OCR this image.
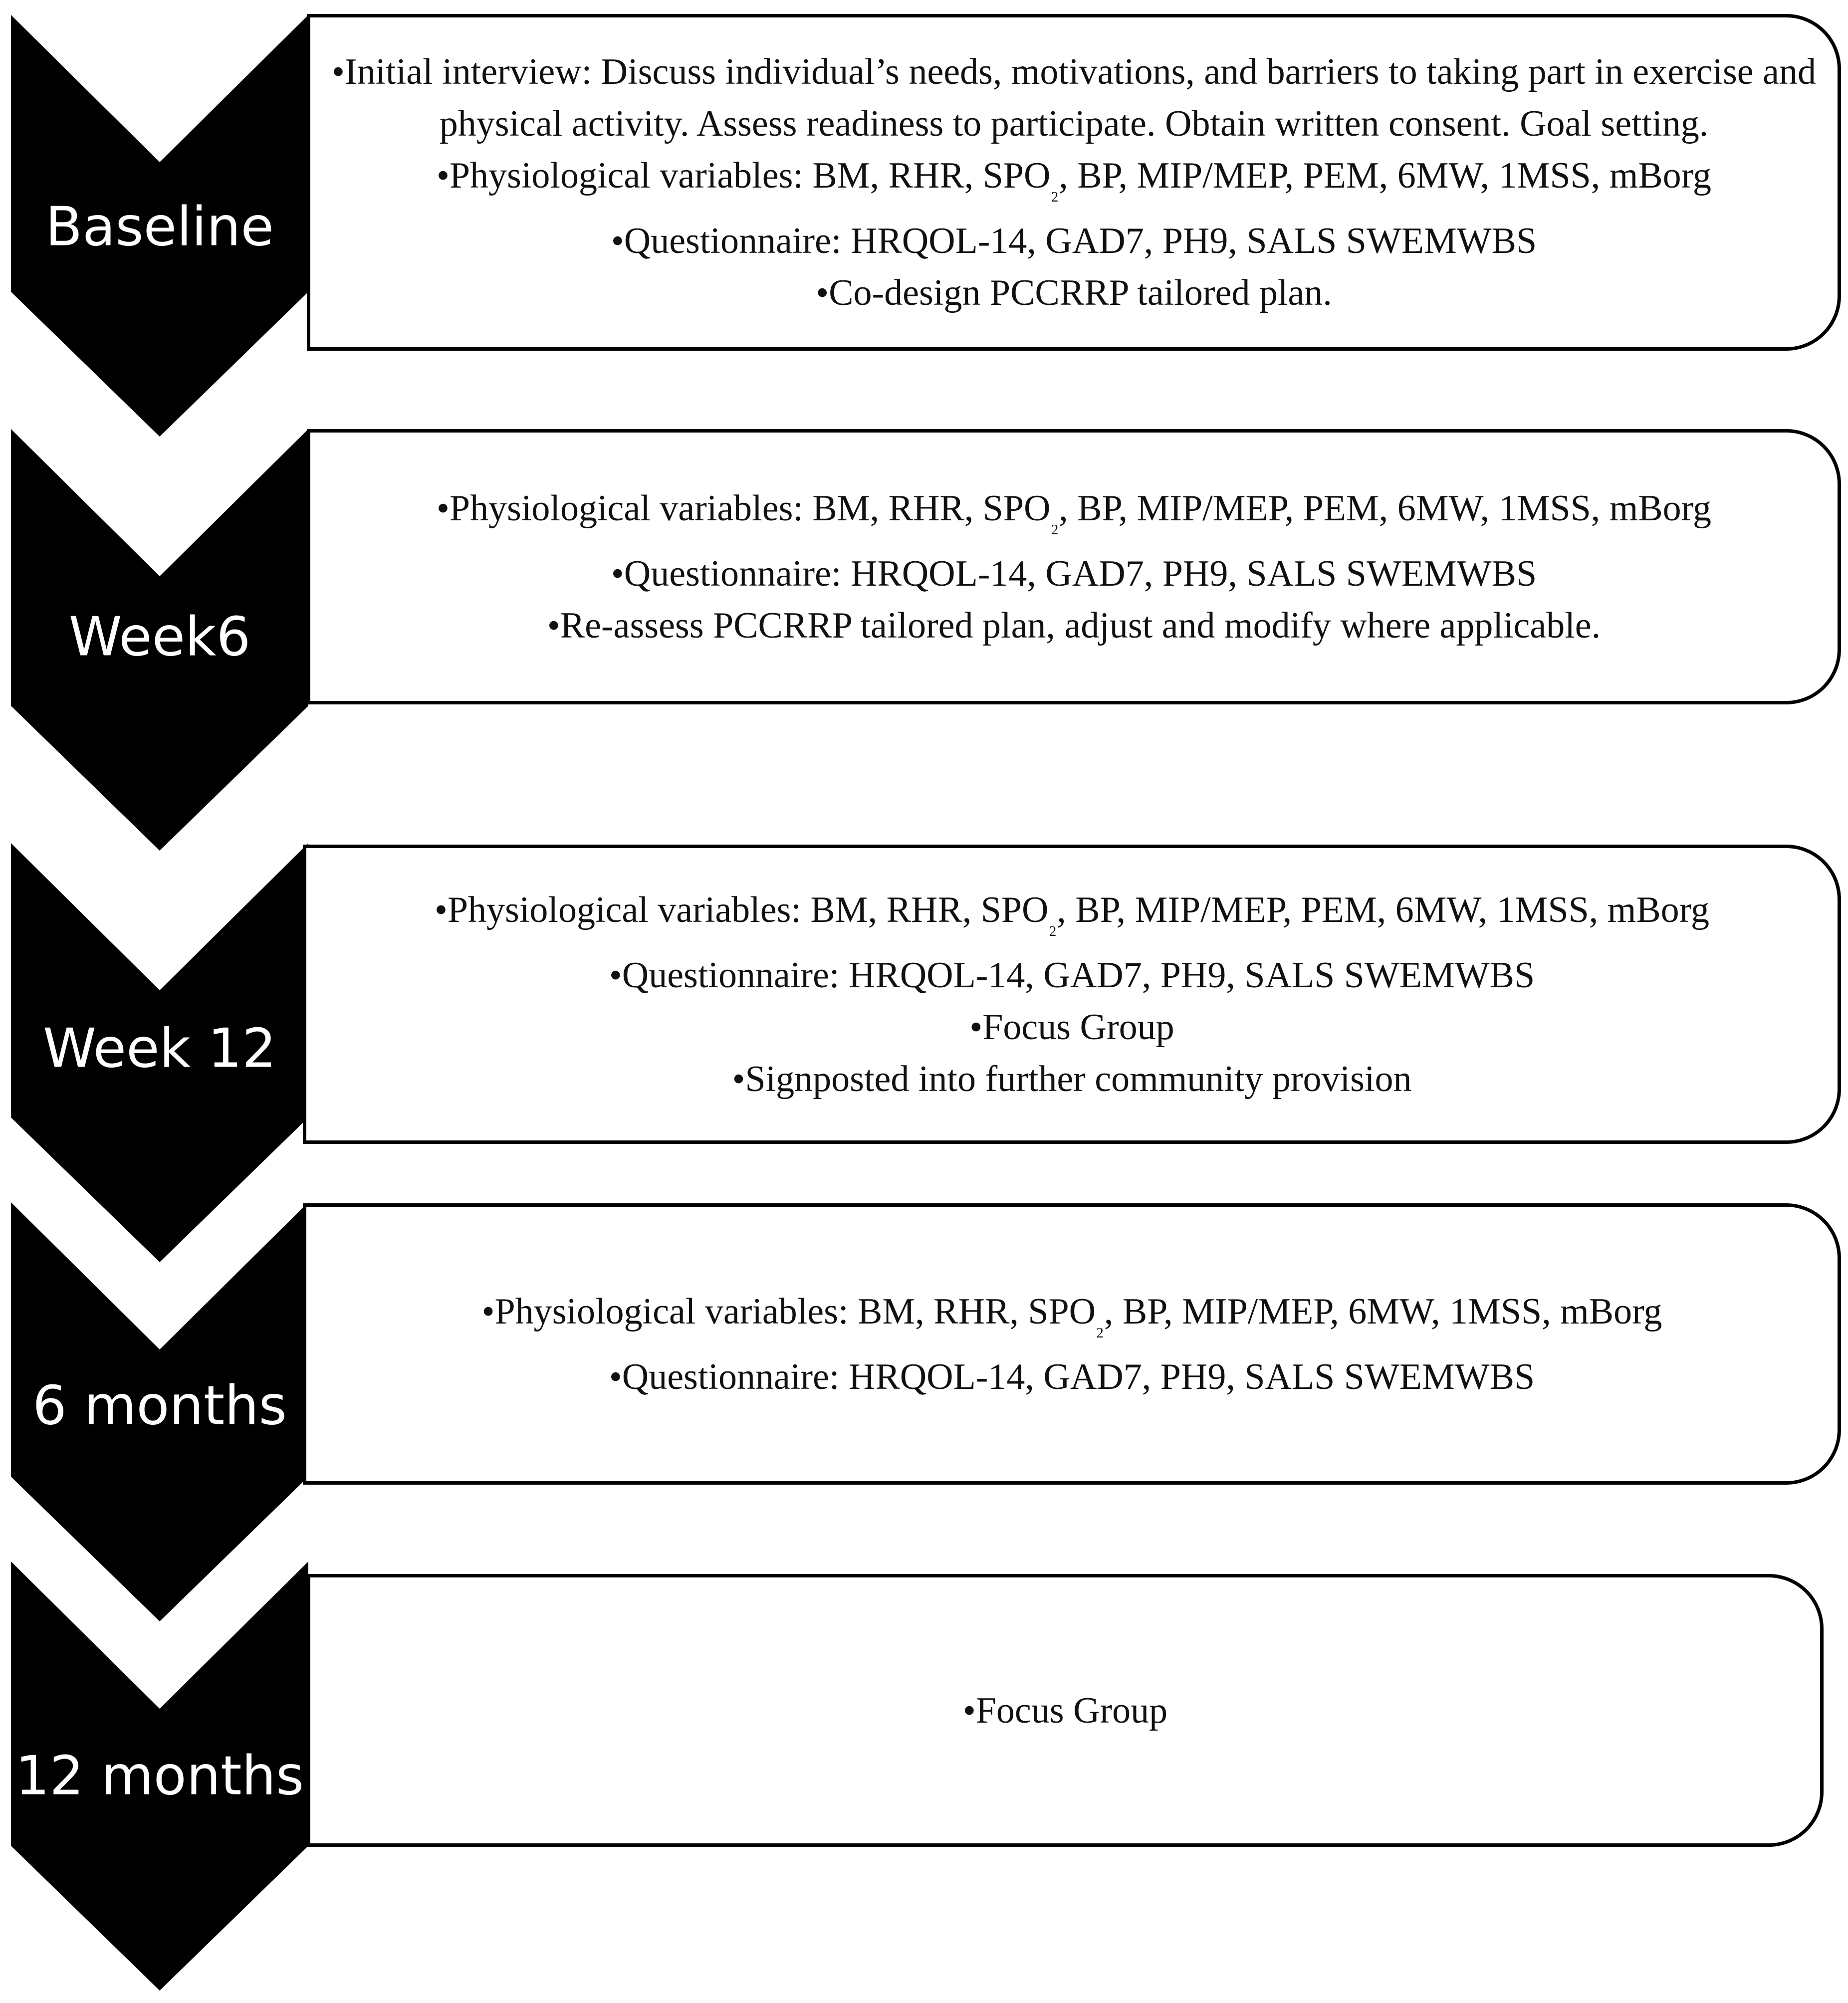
•Initial interview: Discuss individual’s needs, motivations, and barriers to taking part in exercise and physical activity. Assess readiness to participate. Obtain written consent. Goal setting.
•Physiological variables: BM, RHR, $SPO_{_2}$, BP, MIP/MEP, PEM, 6MW, 1MSS, mBorg
•Questionnaire: HRQOL-14, GAD7, PH9, SALS SWEMWBS
•Co-design PCCRRP tailored plan.
•Physiological variables: BM, RHR, $SPO_{_2}$, BP, MIP/MEP, PEM, 6MW, 1MSS, mBorg
•Questionnaire: HRQOL-14, GAD7, PH9, SALS SWEMWBS
•Re-assess PCCRRP tailored plan, adjust and modify where applicable.
•Physiological variables: BM, RHR, $SPO_{_2}$, BP, MIP/MEP, PEM, 6MW, 1MSS, mBorg
•Questionnaire: HRQOL-14, GAD7, PH9, SALS SWEMWBS
•Focus Group
•Signposted into further community provision
•Physiological variables: BM, RHR, $SPO_{_2}$, BP, MIP/MEP, 6MW, 1MSS, mBorg
•Questionnaire: HRQOL-14, GAD7, PH9, SALS SWEMWBS
•Focus Group
Baseline
Week6
Week 12
6 months
12 months
